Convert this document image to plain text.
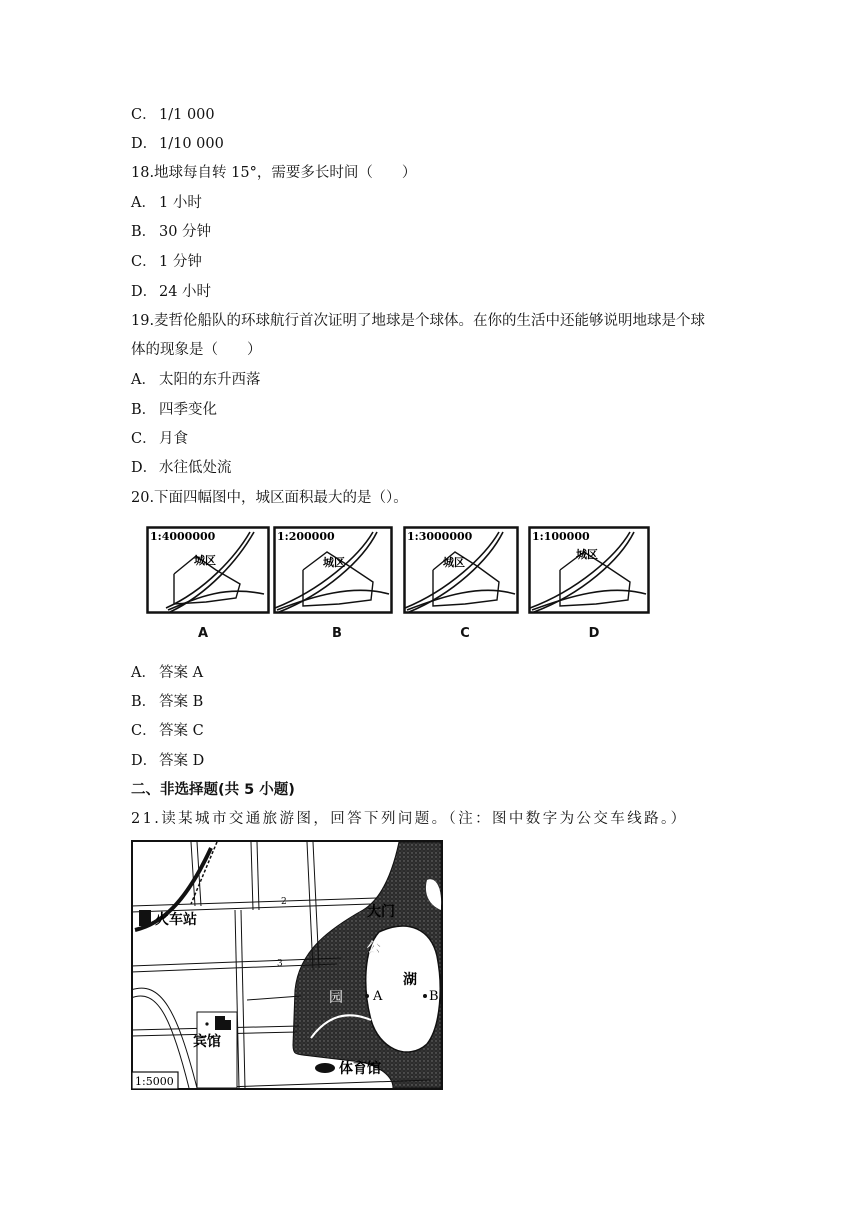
C． 1/1 000
D． 1/10 000
18.地球每自转 15°，需要多长时间（　　）
A． 1 小时
B． 30 分钟
C． 1 分钟
D． 24 小时
19.麦哲伦船队的环球航行首次证明了地球是个球体。在你的生活中还能够说明地球是个球
体的现象是（　　）
A． 太阳的东升西落
B． 四季变化
C． 月食
D． 水往低处流
20.下面四幅图中，城区面积最大的是（）。
1:4000000
城区
A
1:200000
城区
B
1:3000000
城区
C
1:100000
城区
D
A． 答案 A
B． 答案 B
C． 答案 C
D． 答案 D
二、非选择题(共 5 小题)
21.读某城市交通旅游图，回答下列问题。（注：图中数字为公交车线路。）
2
3
火车站	大门
公
园
湖
A	B
宾馆
体育馆
1:5000
